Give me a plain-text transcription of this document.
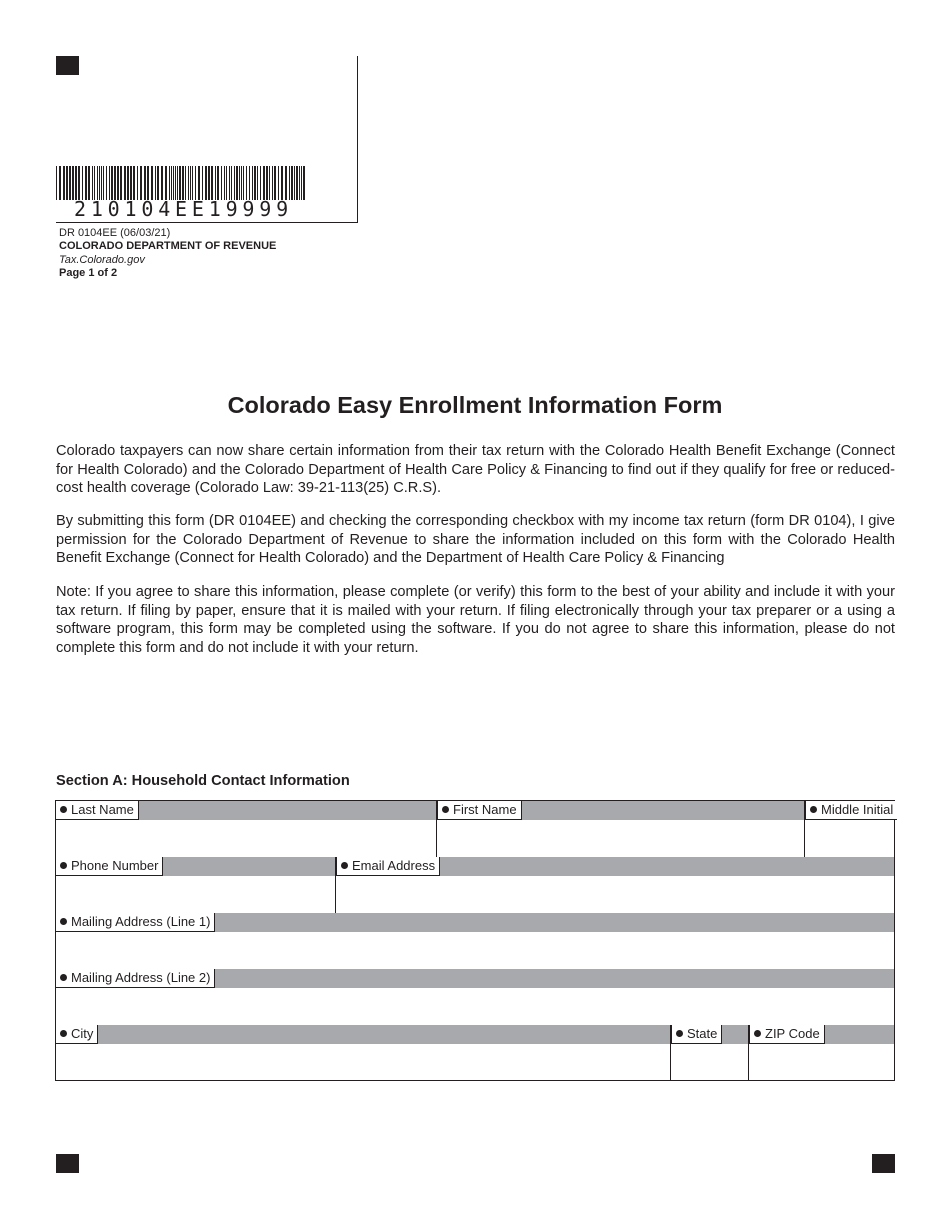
210104EE19999
DR 0104EE (06/03/21)
COLORADO DEPARTMENT OF REVENUE
Tax.Colorado.gov
Page 1 of 2
Colorado Easy Enrollment Information Form
Colorado taxpayers can now share certain information from their tax return with the Colorado Health Benefit Exchange (Connect for Health Colorado) and the Colorado Department of Health Care Policy & Financing to find out if they qualify for free or reduced-cost health coverage (Colorado Law: 39-21-113(25) C.R.S).
By submitting this form (DR 0104EE) and checking the corresponding checkbox with my income tax return (form DR 0104), I give permission for the Colorado Department of Revenue to share the information included on this form with the Colorado Health Benefit Exchange (Connect for Health Colorado) and the Department of Health Care Policy & Financing
Note: If you agree to share this information, please complete (or verify) this form to the best of your ability and include it with your tax return. If filing by paper, ensure that it is mailed with your return. If filing electronically through your tax preparer or a using a software program, this form may be completed using the software. If you do not agree to share this information, please do not complete this form and do not include it with your return.
Section A: Household Contact Information
Last Name	First Name	Middle Initial
Phone Number	Email Address
Mailing Address (Line 1)
Mailing Address (Line 2)
City	State	ZIP Code
